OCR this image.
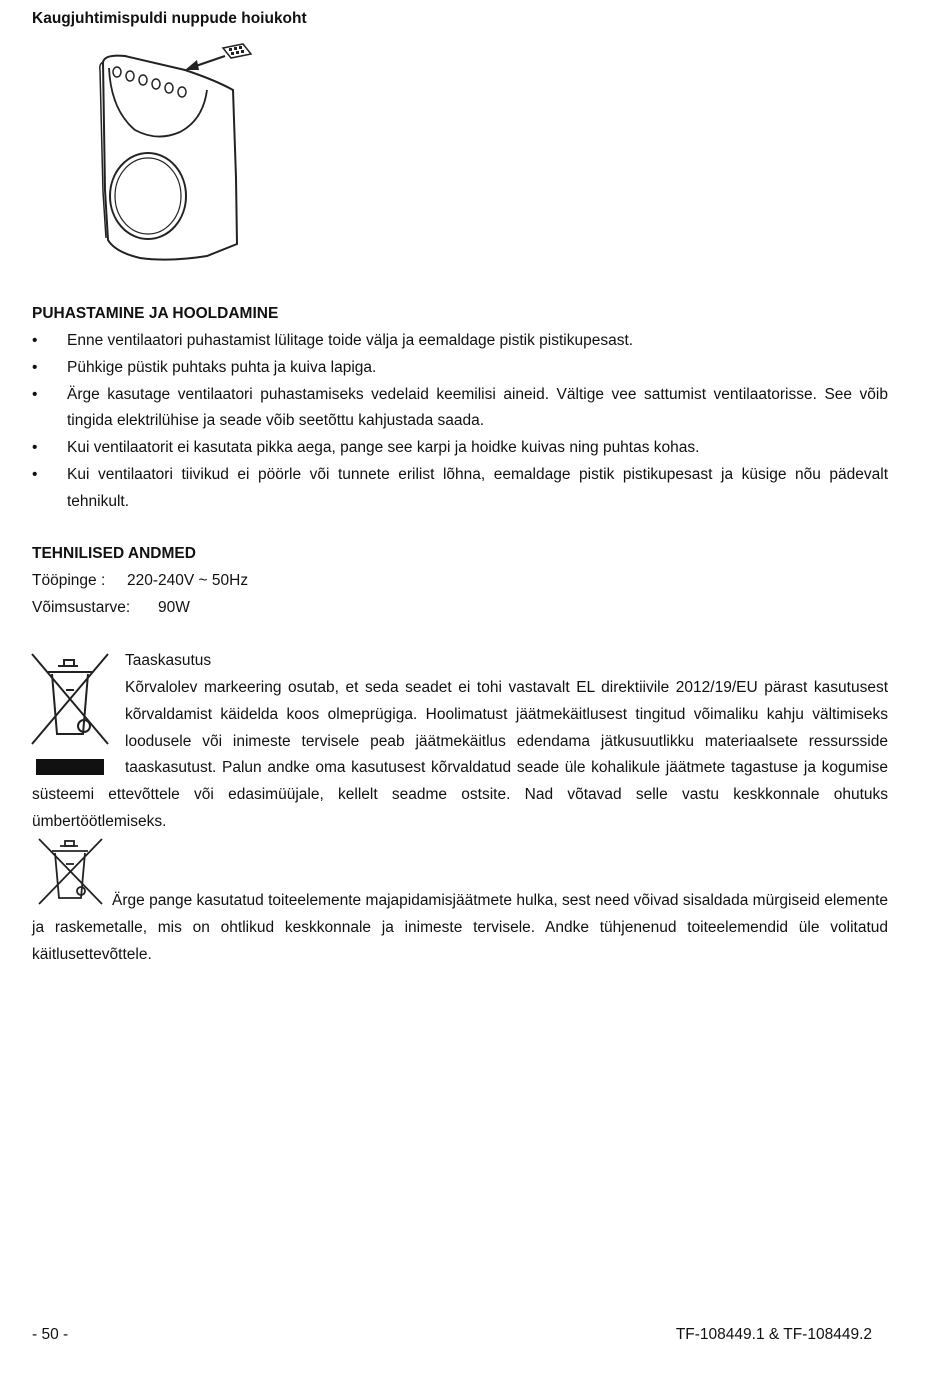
Kaugjuhtimispuldi nuppude hoiukoht
PUHASTAMINE JA HOOLDAMINE
• Enne ventilaatori puhastamist lülitage toide välja ja eemaldage pistik pistikupesast.
• Pühkige püstik puhtaks puhta ja kuiva lapiga.
• Ärge kasutage ventilaatori puhastamiseks vedelaid keemilisi aineid. Vältige vee sattumist ventilaatorisse. See võib tingida elektrilühise ja seade võib seetõttu kahjustada saada.
• Kui ventilaatorit ei kasutata pikka aega, pange see karpi ja hoidke kuivas ning puhtas kohas.
• Kui ventilaatori tiivikud ei pöörle või tunnete erilist lõhna, eemaldage pistik pistikupesast ja küsige nõu pädevalt tehnikult.
TEHNILISED ANDMED
Tööpinge : 220-240V ~ 50Hz
Võimsustarve: 90W
Taaskasutus
Kõrvalolev markeering osutab, et seda seadet ei tohi vastavalt EL direktiivile 2012/19/EU pärast kasutusest kõrvaldamist käidelda koos olmeprügiga. Hoolimatust jäätmekäitlusest tingitud võimaliku kahju vältimiseks loodusele või inimeste tervisele peab jäätmekäitlus edendama jätkusuutlikku materiaalsete ressursside taaskasutust. Palun andke oma kasutusest kõrvaldatud seade üle kohalikule jäätmete tagastuse ja kogumise süsteemi ettevõttele või edasimüüjale, kellelt seadme ostsite. Nad võtavad selle vastu keskkonnale ohutuks ümbertöötlemiseks.
Ärge pange kasutatud toiteelemente majapidamisjäätmete hulka, sest need võivad sisaldada mürgiseid elemente ja raskemetalle, mis on ohtlikud keskkonnale ja inimeste tervisele. Andke tühjenenud toiteelemendid üle volitatud käitlusettevõttele.
- 50 -	TF-108449.1 & TF-108449.2
